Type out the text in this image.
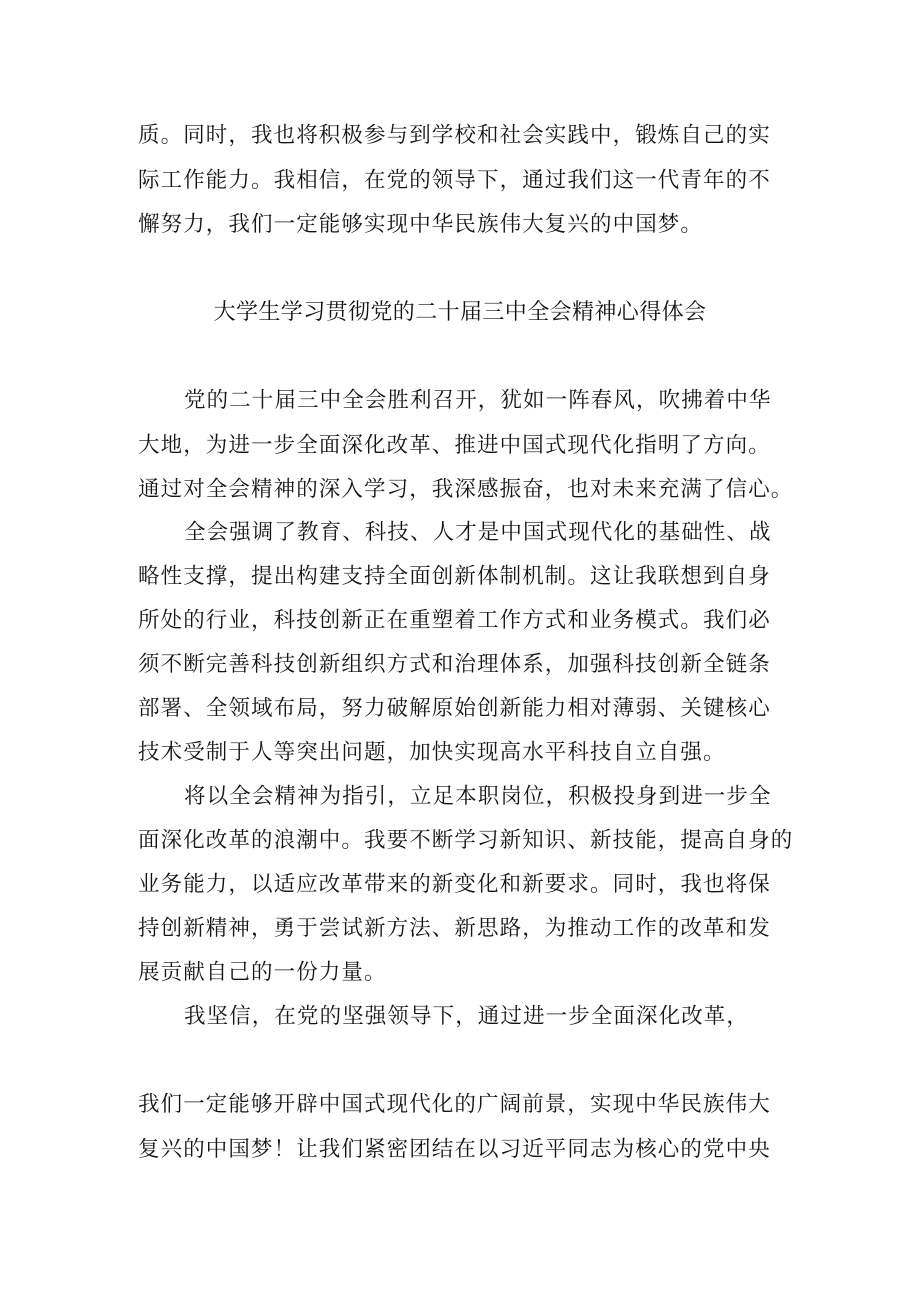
质。同时，我也将积极参与到学校和社会实践中，锻炼自己的实
际工作能力。我相信，在党的领导下，通过我们这一代青年的不
懈努力，我们一定能够实现中华民族伟大复兴的中国梦。
大学生学习贯彻党的二十届三中全会精神心得体会
党的二十届三中全会胜利召开，犹如一阵春风，吹拂着中华
大地，为进一步全面深化改革、推进中国式现代化指明了方向。
通过对全会精神的深入学习，我深感振奋，也对未来充满了信心。
全会强调了教育、科技、人才是中国式现代化的基础性、战
略性支撑，提出构建支持全面创新体制机制。这让我联想到自身
所处的行业，科技创新正在重塑着工作方式和业务模式。我们必
须不断完善科技创新组织方式和治理体系，加强科技创新全链条
部署、全领域布局，努力破解原始创新能力相对薄弱、关键核心
技术受制于人等突出问题，加快实现高水平科技自立自强。
将以全会精神为指引，立足本职岗位，积极投身到进一步全
面深化改革的浪潮中。我要不断学习新知识、新技能，提高自身的
业务能力，以适应改革带来的新变化和新要求。同时，我也将保
持创新精神，勇于尝试新方法、新思路，为推动工作的改革和发
展贡献自己的一份力量。
我坚信，在党的坚强领导下，通过进一步全面深化改革，
我们一定能够开辟中国式现代化的广阔前景，实现中华民族伟大
复兴的中国梦！让我们紧密团结在以习近平同志为核心的党中央
